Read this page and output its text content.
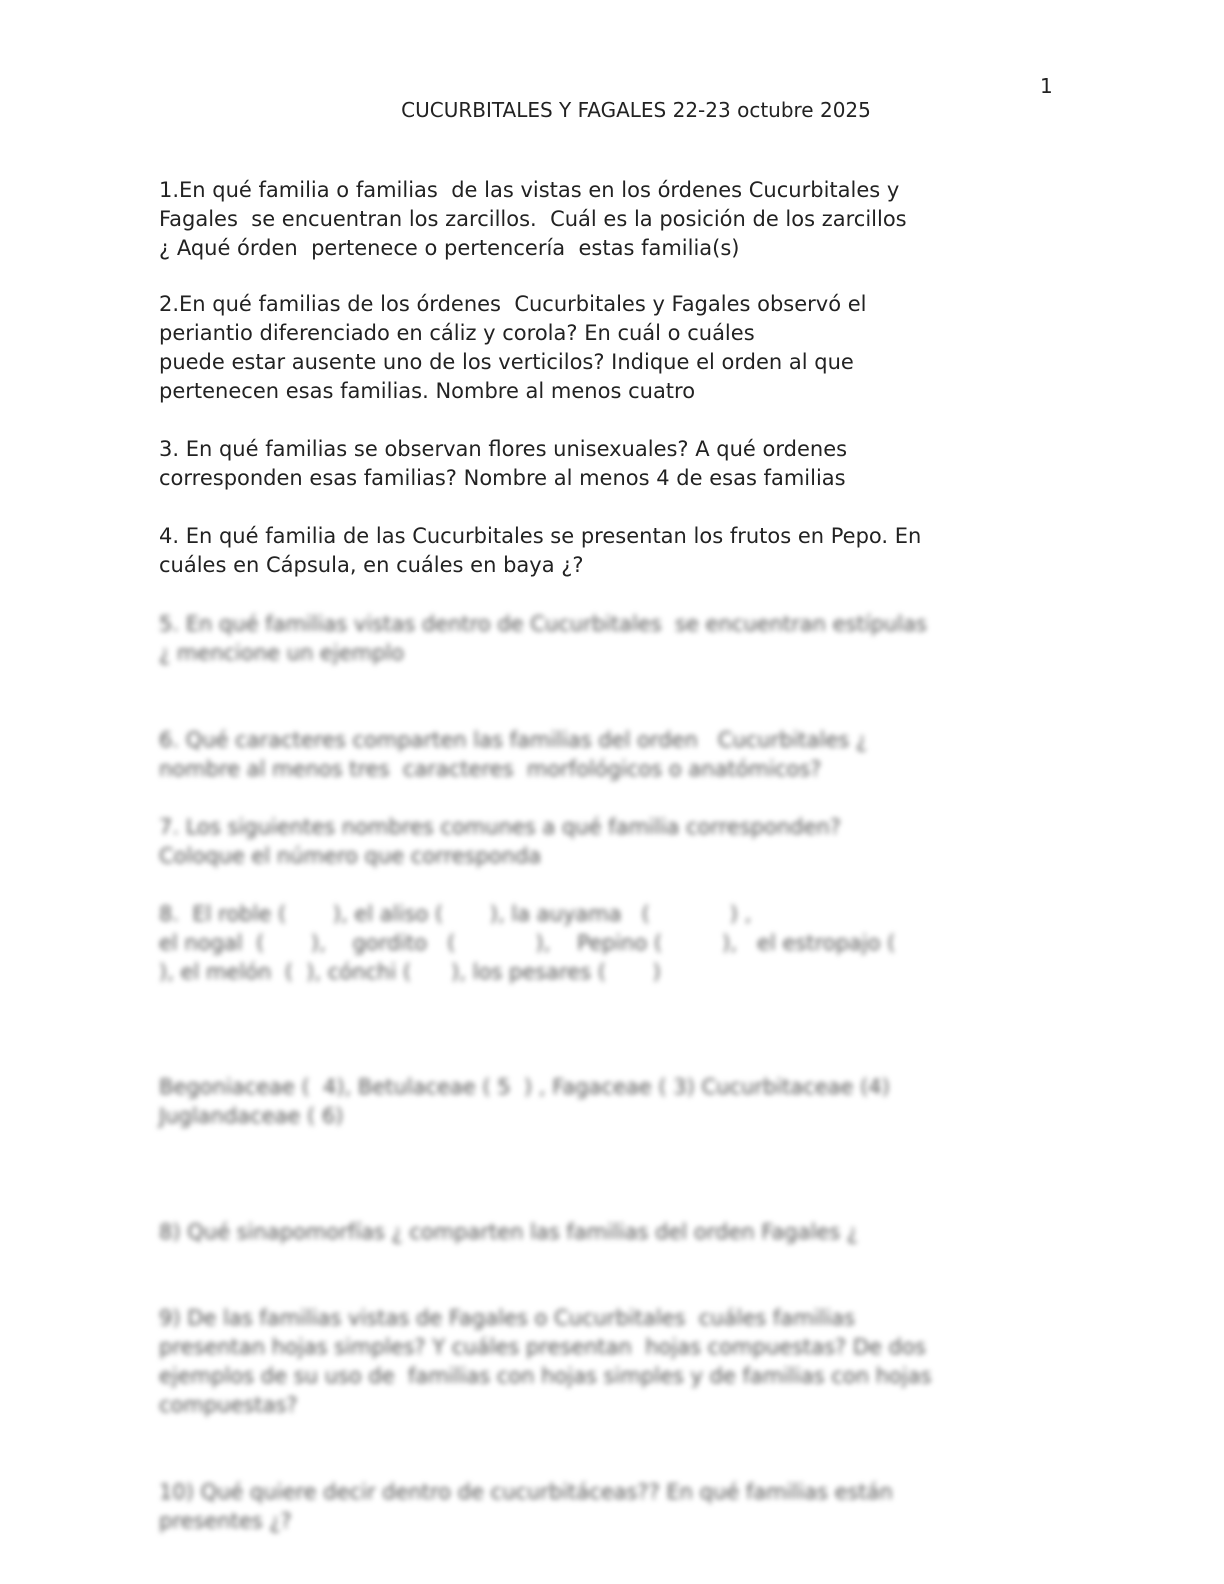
1
CUCURBITALES Y FAGALES 22-23 octubre 2025
1.En qué familia o familias  de las vistas en los órdenes Cucurbitales y
Fagales  se encuentran los zarcillos.  Cuál es la posición de los zarcillos
¿ Aqué órden  pertenece o pertencería  estas familia(s)
2.En qué familias de los órdenes  Cucurbitales y Fagales observó el
periantio diferenciado en cáliz y corola? En cuál o cuáles
puede estar ausente uno de los verticilos? Indique el orden al que
pertenecen esas familias. Nombre al menos cuatro
3. En qué familias se observan flores unisexuales? A qué ordenes
corresponden esas familias? Nombre al menos 4 de esas familias
4. En qué familia de las Cucurbitales se presentan los frutos en Pepo. En
cuáles en Cápsula, en cuáles en baya ¿?
5. En qué familias vistas dentro de Cucurbitales  se encuentran estípulas
¿ mencione un ejemplo
6. Qué caracteres comparten las familias del orden   Cucurbitales ¿
nombre al menos tres  caracteres  morfológicos o anatómicos?
7. Los siguientes nombres comunes a qué familia corresponden?
Coloque el número que corresponda
8.  El roble (       ), el aliso (       ), la auyama   (            ) ,
el nogal  (       ),    gordito   (            ),    Pepino (         ),   el estropajo (
), el melón  (  ), cónchi (      ), los pesares (       )
Begoniaceae (  4), Betulaceae ( 5  ) , Fagaceae ( 3) Cucurbitaceae (4)
Juglandaceae ( 6)
8) Qué sinapomorfías ¿ comparten las familias del orden Fagales ¿
9) De las familias vistas de Fagales o Cucurbitales  cuáles familias
presentan hojas simples? Y cuáles presentan  hojas compuestas? De dos
ejemplos de su uso de  familias con hojas simples y de familias con hojas
compuestas?
10) Qué quiere decir dentro de cucurbitáceas?? En qué familias están
presentes ¿?
